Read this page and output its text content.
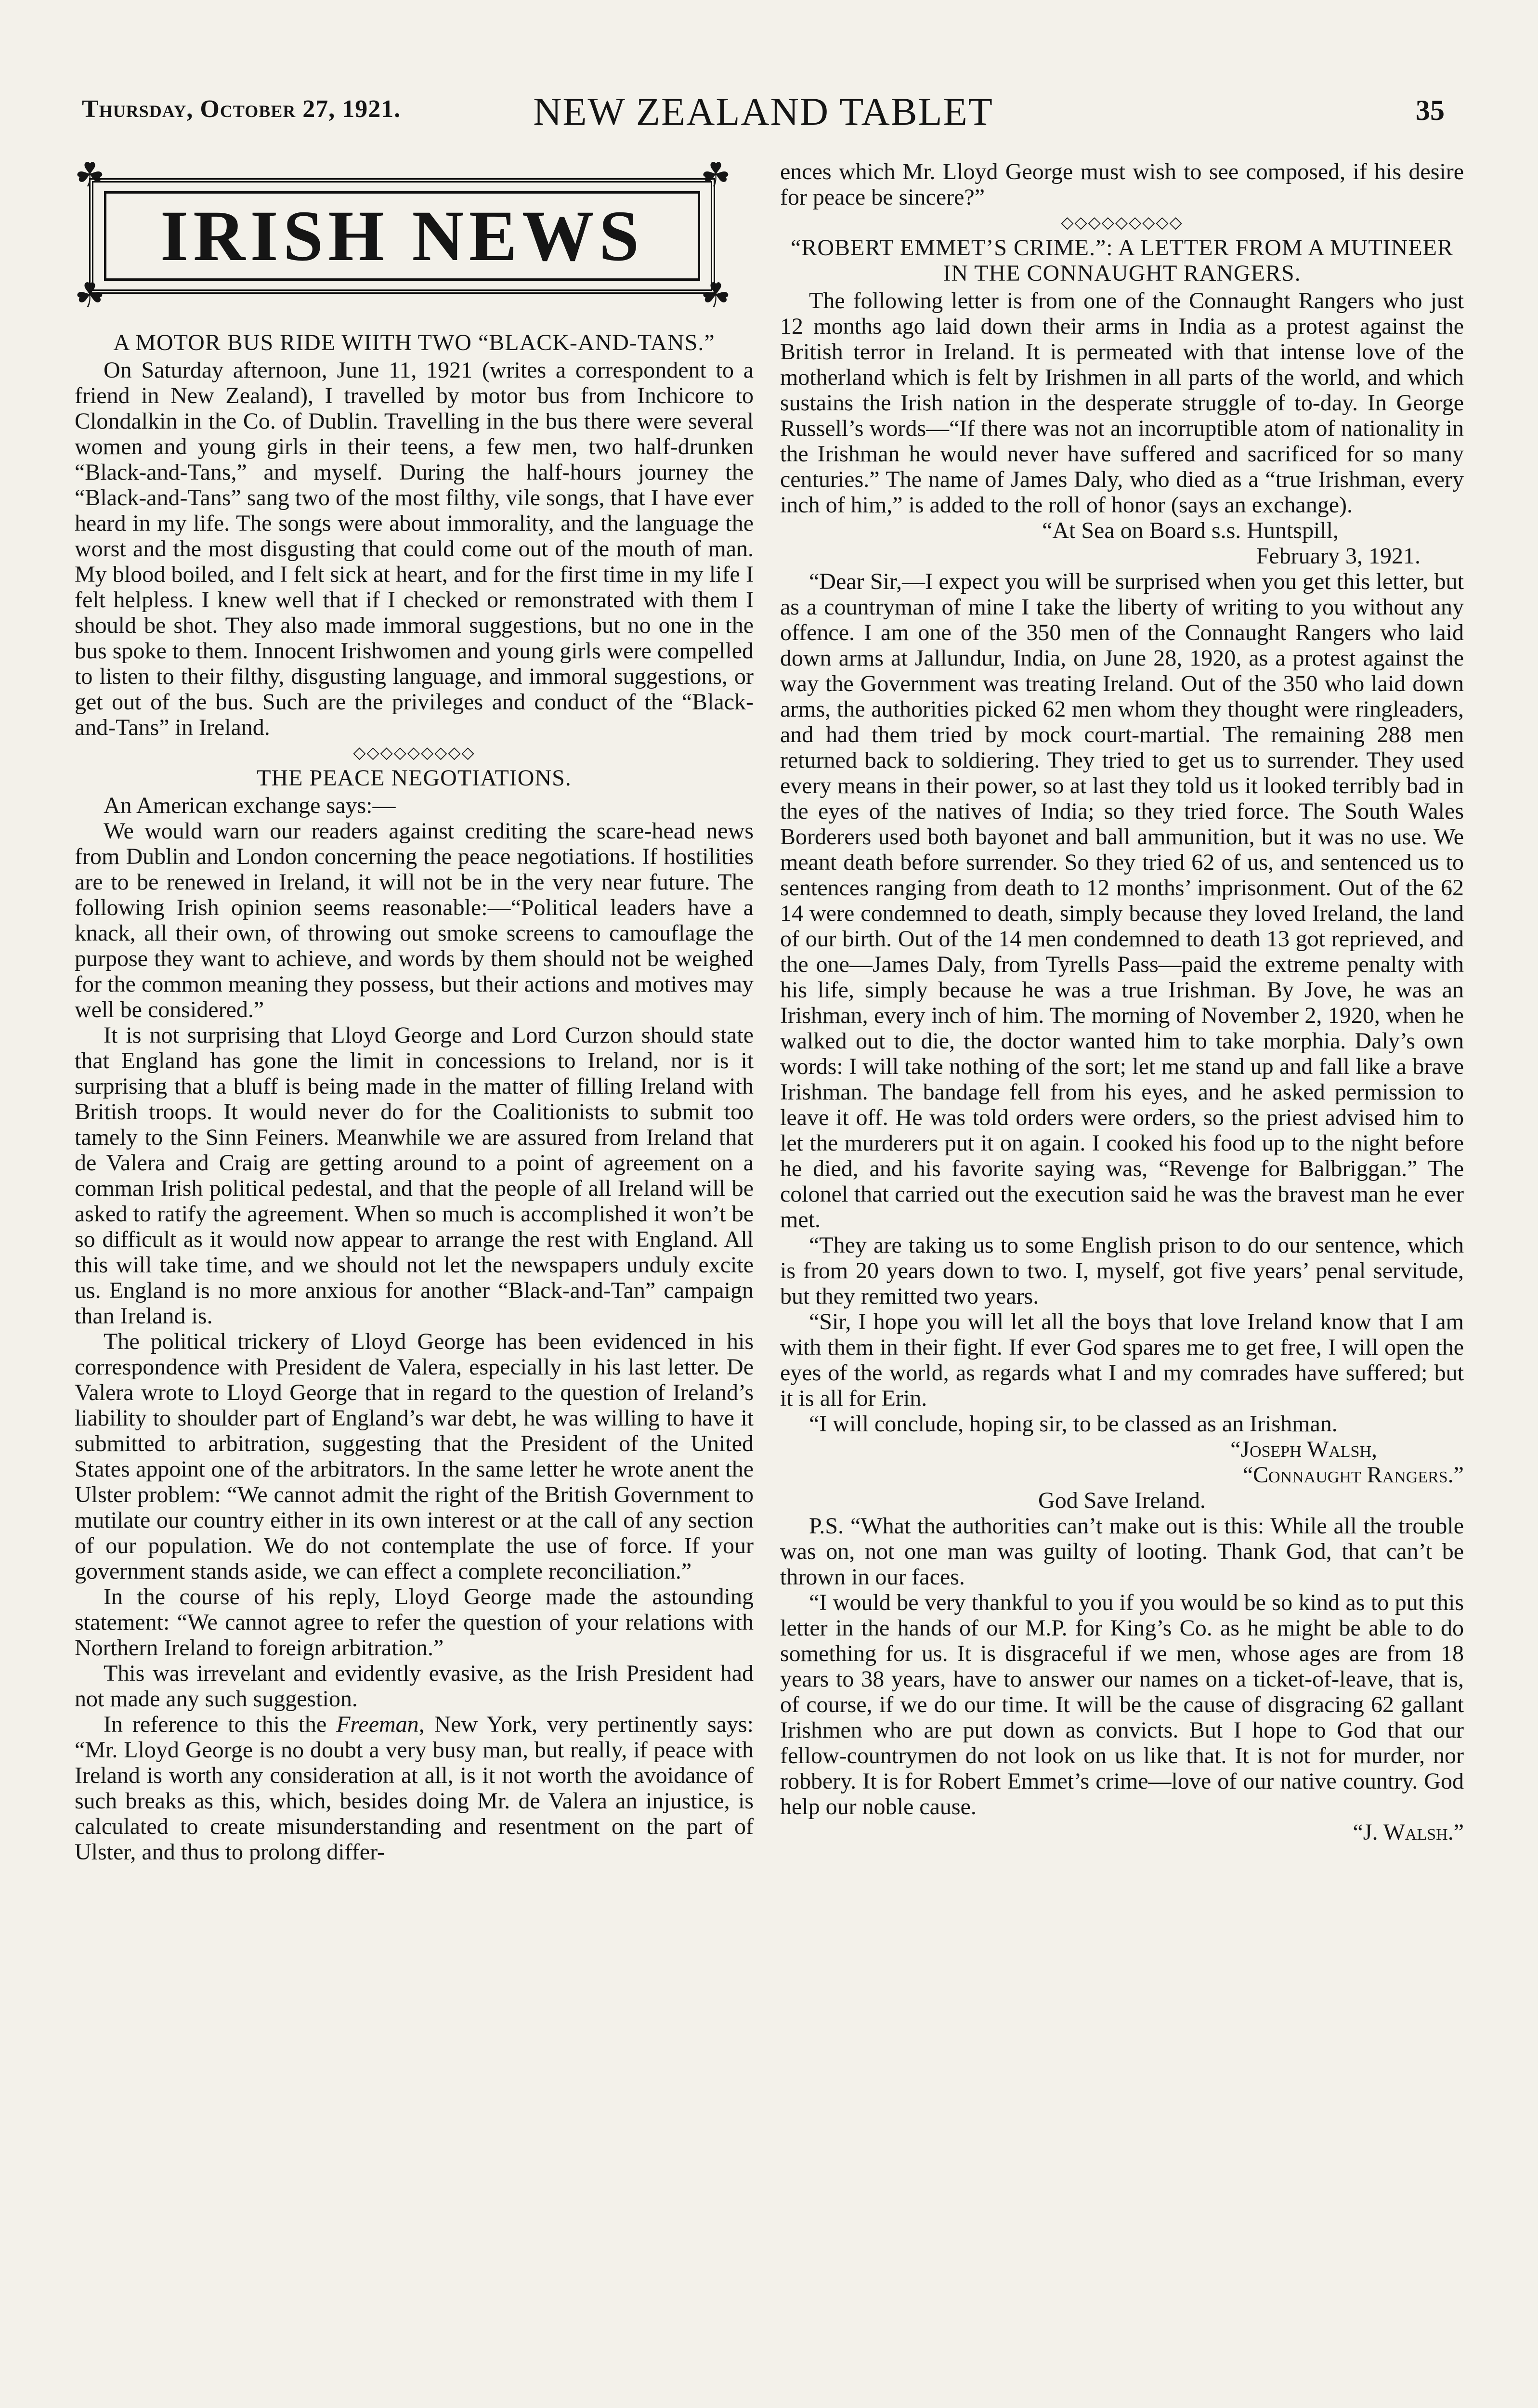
Thursday, October 27, 1921.	NEW ZEALAND TABLET	35
☘	☘
☘	☘
IRISH NEWS
A MOTOR BUS RIDE WIITH TWO “BLACK-AND-TANS.”

On Saturday afternoon, June 11, 1921 (writes a correspondent to a friend in New Zealand), I travelled by motor bus from Inchicore to Clondalkin in the Co. of Dublin. Travelling in the bus there were several women and young girls in their teens, a few men, two half-drunken “Black-and-Tans,” and myself. During the half-hours journey the “Black-and-Tans” sang two of the most filthy, vile songs, that I have ever heard in my life. The songs were about immorality, and the language the worst and the most disgusting that could come out of the mouth of man. My blood boiled, and I felt sick at heart, and for the first time in my life I felt helpless. I knew well that if I checked or remonstrated with them I should be shot. They also made immoral suggestions, but no one in the bus spoke to them. Innocent Irishwomen and young girls were compelled to listen to their filthy, disgusting language, and immoral suggestions, or get out of the bus. Such are the privileges and conduct of the “Black-and-Tans” in Ireland.

◇◇◇◇◇◇◇◇◇
THE PEACE NEGOTIATIONS.
An American exchange says:—

We would warn our readers against crediting the scare-head news from Dublin and London concerning the peace negotiations. If hostilities are to be renewed in Ireland, it will not be in the very near future. The following Irish opinion seems reasonable:—“Political leaders have a knack, all their own, of throwing out smoke screens to camouflage the purpose they want to achieve, and words by them should not be weighed for the common meaning they possess, but their actions and motives may well be considered.”

It is not surprising that Lloyd George and Lord Curzon should state that England has gone the limit in concessions to Ireland, nor is it surprising that a bluff is being made in the matter of filling Ireland with British troops. It would never do for the Coalitionists to submit too tamely to the Sinn Feiners. Meanwhile we are assured from Ireland that de Valera and Craig are getting around to a point of agreement on a comman Irish political pedestal, and that the people of all Ireland will be asked to ratify the agreement. When so much is accomplished it won’t be so difficult as it would now appear to arrange the rest with England. All this will take time, and we should not let the newspapers unduly excite us. England is no more anxious for another “Black-and-Tan” campaign than Ireland is.

The political trickery of Lloyd George has been evidenced in his correspondence with President de Valera, especially in his last letter. De Valera wrote to Lloyd George that in regard to the question of Ireland’s liability to shoulder part of England’s war debt, he was willing to have it submitted to arbitration, suggesting that the President of the United States appoint one of the arbitrators. In the same letter he wrote anent the Ulster problem: “We cannot admit the right of the British Government to mutilate our country either in its own interest or at the call of any section of our population. We do not contemplate the use of force. If your government stands aside, we can effect a complete reconciliation.”

In the course of his reply, Lloyd George made the astounding statement: “We cannot agree to refer the question of your relations with Northern Ireland to foreign arbitration.”

This was irrevelant and evidently evasive, as the Irish President had not made any such suggestion.

In reference to this the Freeman, New York, very pertinently says: “Mr. Lloyd George is no doubt a very busy man, but really, if peace with Ireland is worth any consideration at all, is it not worth the avoidance of such breaks as this, which, besides doing Mr. de Valera an injustice, is calculated to create misunderstanding and resentment on the part of Ulster, and thus to prolong differ-

ences which Mr. Lloyd George must wish to see composed, if his desire for peace be sincere?”

◇◇◇◇◇◇◇◇◇
“ROBERT EMMET’S CRIME.”: A LETTER FROM A MUTINEER IN THE CONNAUGHT RANGERS.

The following letter is from one of the Connaught Rangers who just 12 months ago laid down their arms in India as a protest against the British terror in Ireland. It is permeated with that intense love of the motherland which is felt by Irishmen in all parts of the world, and which sustains the Irish nation in the desperate struggle of to-day. In George Russell’s words—“If there was not an incorruptible atom of nationality in the Irishman he would never have suffered and sacrificed for so many centuries.” The name of James Daly, who died as a “true Irishman, every inch of him,” is added to the roll of honor (says an exchange).

“At Sea on Board s.s. Huntspill,

February 3, 1921.

“Dear Sir,—I expect you will be surprised when you get this letter, but as a countryman of mine I take the liberty of writing to you without any offence. I am one of the 350 men of the Connaught Rangers who laid down arms at Jallundur, India, on June 28, 1920, as a protest against the way the Government was treating Ireland. Out of the 350 who laid down arms, the authorities picked 62 men whom they thought were ringleaders, and had them tried by mock court-martial. The remaining 288 men returned back to soldiering. They tried to get us to surrender. They used every means in their power, so at last they told us it looked terribly bad in the eyes of the natives of India; so they tried force. The South Wales Borderers used both bayonet and ball ammunition, but it was no use. We meant death before surrender. So they tried 62 of us, and sentenced us to sentences ranging from death to 12 months’ imprisonment. Out of the 62 14 were condemned to death, simply because they loved Ireland, the land of our birth. Out of the 14 men condemned to death 13 got reprieved, and the one—James Daly, from Tyrells Pass—paid the extreme penalty with his life, simply because he was a true Irishman. By Jove, he was an Irishman, every inch of him. The morning of November 2, 1920, when he walked out to die, the doctor wanted him to take morphia. Daly’s own words: I will take nothing of the sort; let me stand up and fall like a brave Irishman. The bandage fell from his eyes, and he asked permission to leave it off. He was told orders were orders, so the priest advised him to let the murderers put it on again. I cooked his food up to the night before he died, and his favorite saying was, “Revenge for Balbriggan.” The colonel that carried out the execution said he was the bravest man he ever met.

“They are taking us to some English prison to do our sentence, which is from 20 years down to two. I, myself, got five years’ penal servitude, but they remitted two years.

“Sir, I hope you will let all the boys that love Ireland know that I am with them in their fight. If ever God spares me to get free, I will open the eyes of the world, as regards what I and my comrades have suffered; but it is all for Erin.

“I will conclude, hoping sir, to be classed as an Irishman.

“Joseph Walsh,

“Connaught Rangers.”

God Save Ireland.

P.S. “What the authorities can’t make out is this: While all the trouble was on, not one man was guilty of looting. Thank God, that can’t be thrown in our faces.

“I would be very thankful to you if you would be so kind as to put this letter in the hands of our M.P. for King’s Co. as he might be able to do something for us. It is disgraceful if we men, whose ages are from 18 years to 38 years, have to answer our names on a ticket-of-leave, that is, of course, if we do our time. It will be the cause of disgracing 62 gallant Irishmen who are put down as convicts. But I hope to God that our fellow-countrymen do not look on us like that. It is not for murder, nor robbery. It is for Robert Emmet’s crime—love of our native country. God help our noble cause.

“J. Walsh.”
